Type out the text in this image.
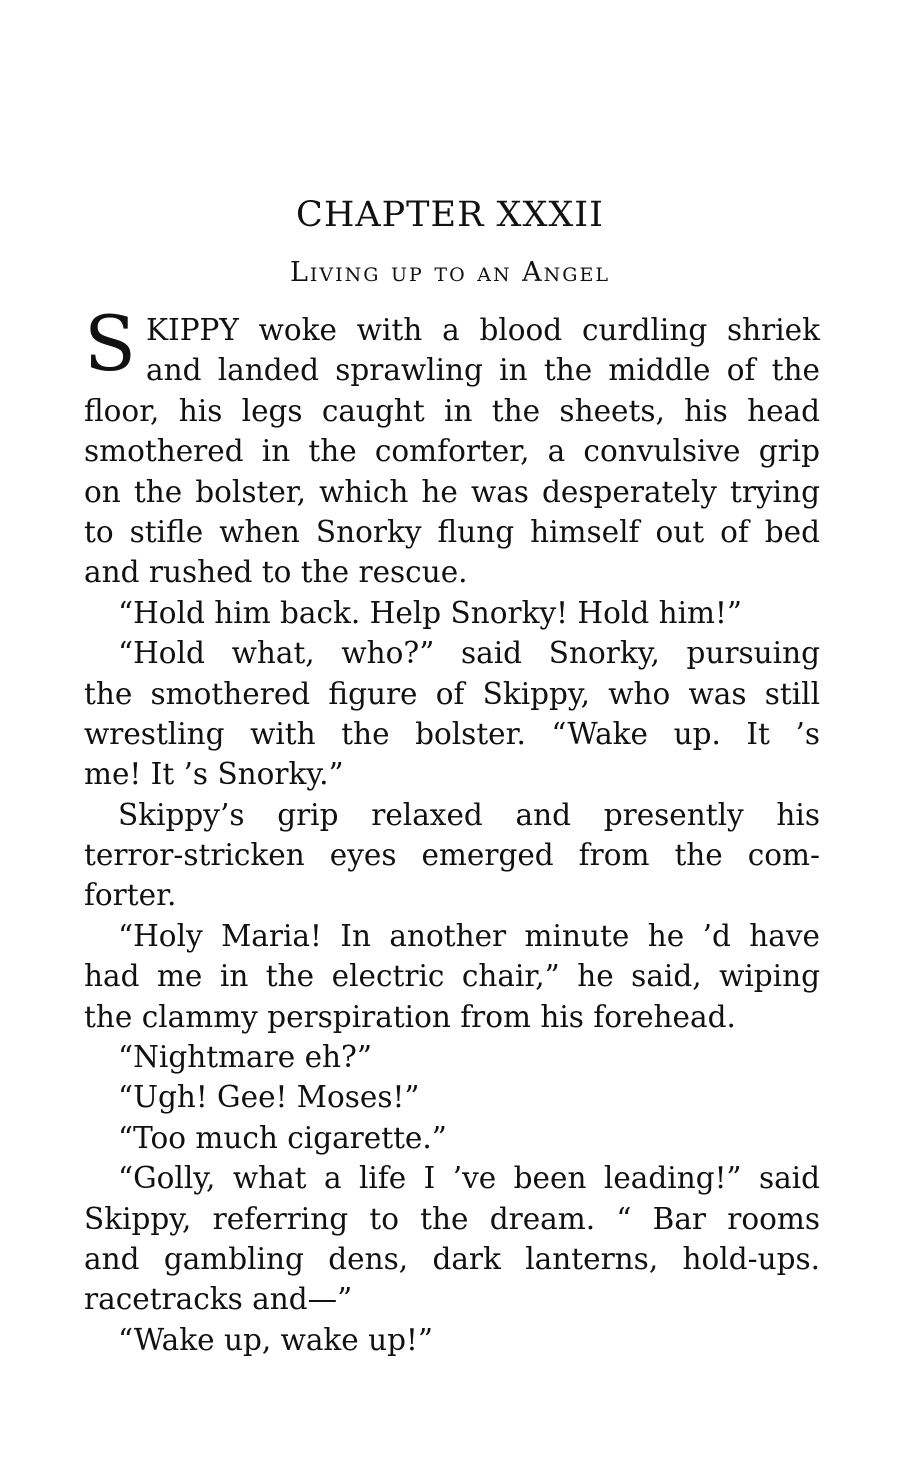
CHAPTER XXXII
Living up to an Angel
S KIPPY woke with a blood curdling shriek
and landed sprawling in the middle of the
floor, his legs caught in the sheets, his head
smothered in the comforter, a convulsive grip
on the bolster, which he was desperately trying
to stifle when Snorky flung himself out of bed
and rushed to the rescue.
“Hold him back. Help Snorky! Hold him!”
“Hold what, who?” said Snorky, pursuing
the smothered figure of Skippy, who was still
wrestling with the bolster. “Wake up. It ’s
me! It ’s Snorky.”
Skippy’s grip relaxed and presently his
terror-stricken eyes emerged from the com-
forter.
“Holy Maria! In another minute he ’d have
had me in the electric chair,” he said, wiping
the clammy perspiration from his forehead.
“Nightmare eh?”
“Ugh! Gee! Moses!”
“Too much cigarette.”
“Golly, what a life I ’ve been leading!” said
Skippy, referring to the dream. “ Bar rooms
and gambling dens, dark lanterns, hold-ups.
racetracks and—”
“Wake up, wake up!”
